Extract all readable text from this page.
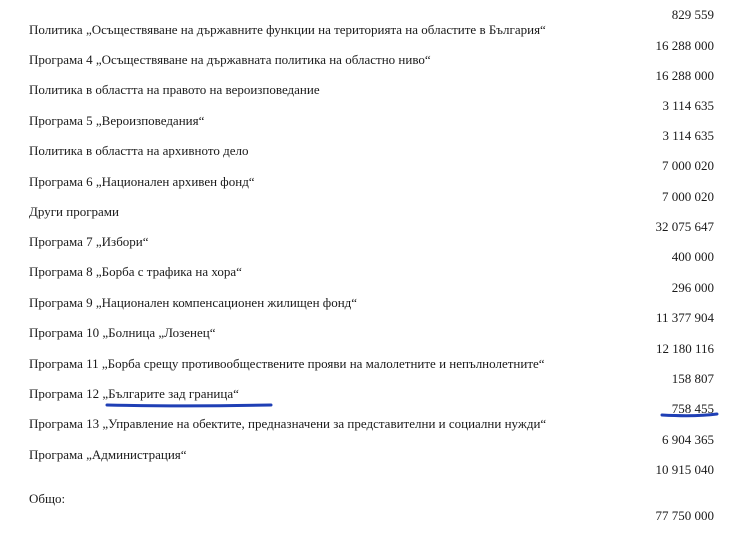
829 559
Политика „Осъществяване на държавните функции на територията на областите в България“
16 288 000
Програма 4 „Осъществяване на държавната политика на областно ниво“
16 288 000
Политика в областта на правото на вероизповедание
3 114 635
Програма 5 „Вероизповедания“
3 114 635
Политика в областта на архивното дело
7 000 020
Програма 6 „Национален архивен фонд“
7 000 020
Други програми
32 075 647
Програма 7 „Избори“
400 000
Програма 8 „Борба с трафика на хора“
296 000
Програма 9 „Национален компенсационен жилищен фонд“
11 377 904
Програма 10 „Болница „Лозенец“
12 180 116
Програма 11 „Борба срещу противообществените прояви на малолетните и непълнолетните“
158 807
Програма 12 „Българите зад граница“
758 455
Програма 13 „Управление на обектите, предназначени за представителни и социални нужди“
6 904 365
Програма „Администрация“
10 915 040
Общо:
77 750 000
